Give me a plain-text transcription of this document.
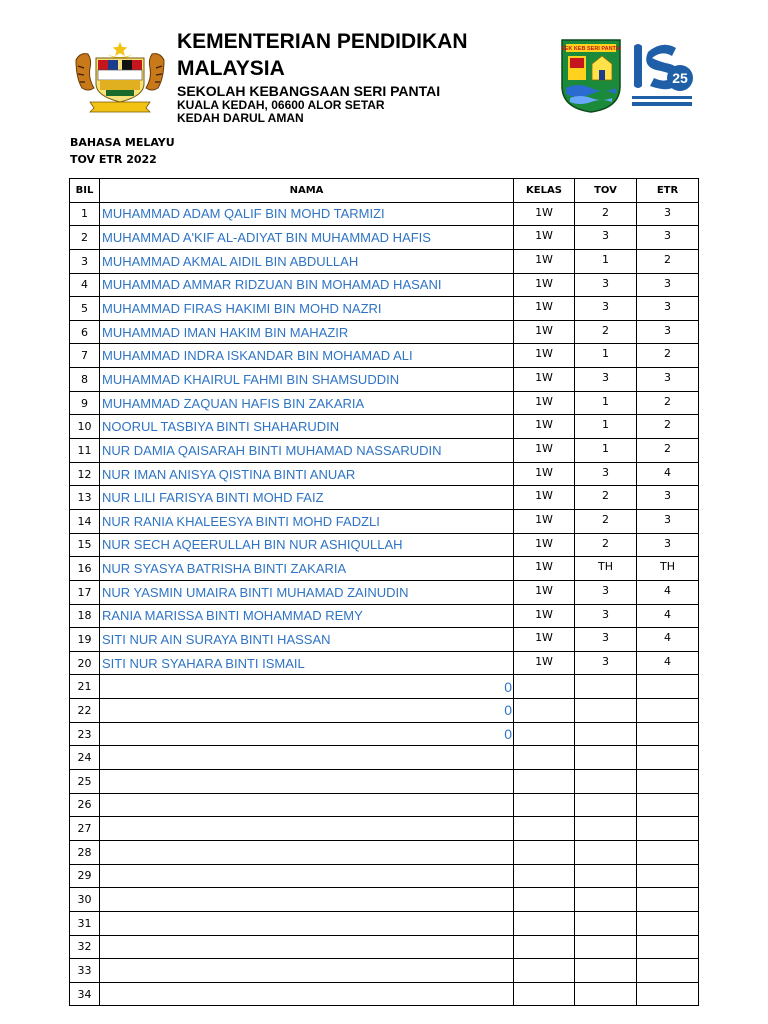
KEMENTERIAN PENDIDIKAN
MALAYSIA
SEKOLAH KEBANGSAAN SERI PANTAI
KUALA KEDAH, 06600 ALOR SETAR
KEDAH DARUL AMAN
SEK KEB SERI PANTAI
25
BAHASA MELAYU
TOV ETR 2022
BIL	NAMA	KELAS	TOV	ETR
1	MUHAMMAD ADAM QALIF BIN MOHD TARMIZI	1W	2	3
2	MUHAMMAD A'KIF AL-ADIYAT BIN MUHAMMAD HAFIS	1W	3	3
3	MUHAMMAD AKMAL AIDIL BIN ABDULLAH	1W	1	2
4	MUHAMMAD AMMAR RIDZUAN BIN MOHAMAD HASANI	1W	3	3
5	MUHAMMAD FIRAS HAKIMI BIN MOHD NAZRI	1W	3	3
6	MUHAMMAD IMAN HAKIM BIN MAHAZIR	1W	2	3
7	MUHAMMAD INDRA ISKANDAR BIN MOHAMAD ALI	1W	1	2
8	MUHAMMAD KHAIRUL FAHMI BIN SHAMSUDDIN	1W	3	3
9	MUHAMMAD ZAQUAN HAFIS BIN ZAKARIA	1W	1	2
10	NOORUL TASBIYA BINTI SHAHARUDIN	1W	1	2
11	NUR DAMIA QAISARAH BINTI MUHAMAD NASSARUDIN	1W	1	2
12	NUR IMAN ANISYA QISTINA BINTI ANUAR	1W	3	4
13	NUR LILI FARISYA BINTI MOHD FAIZ	1W	2	3
14	NUR RANIA KHALEESYA BINTI MOHD FADZLI	1W	2	3
15	NUR SECH AQEERULLAH BIN NUR ASHIQULLAH	1W	2	3
16	NUR SYASYA BATRISHA BINTI ZAKARIA	1W	TH	TH
17	NUR YASMIN UMAIRA BINTI MUHAMAD ZAINUDIN	1W	3	4
18	RANIA MARISSA BINTI MOHAMMAD REMY	1W	3	4
19	SITI NUR AIN SURAYA BINTI HASSAN	1W	3	4
20	SITI NUR SYAHARA BINTI ISMAIL	1W	3	4
21	0			
22	0			
23	0			
24				
25				
26				
27				
28				
29				
30				
31				
32				
33				
34				
